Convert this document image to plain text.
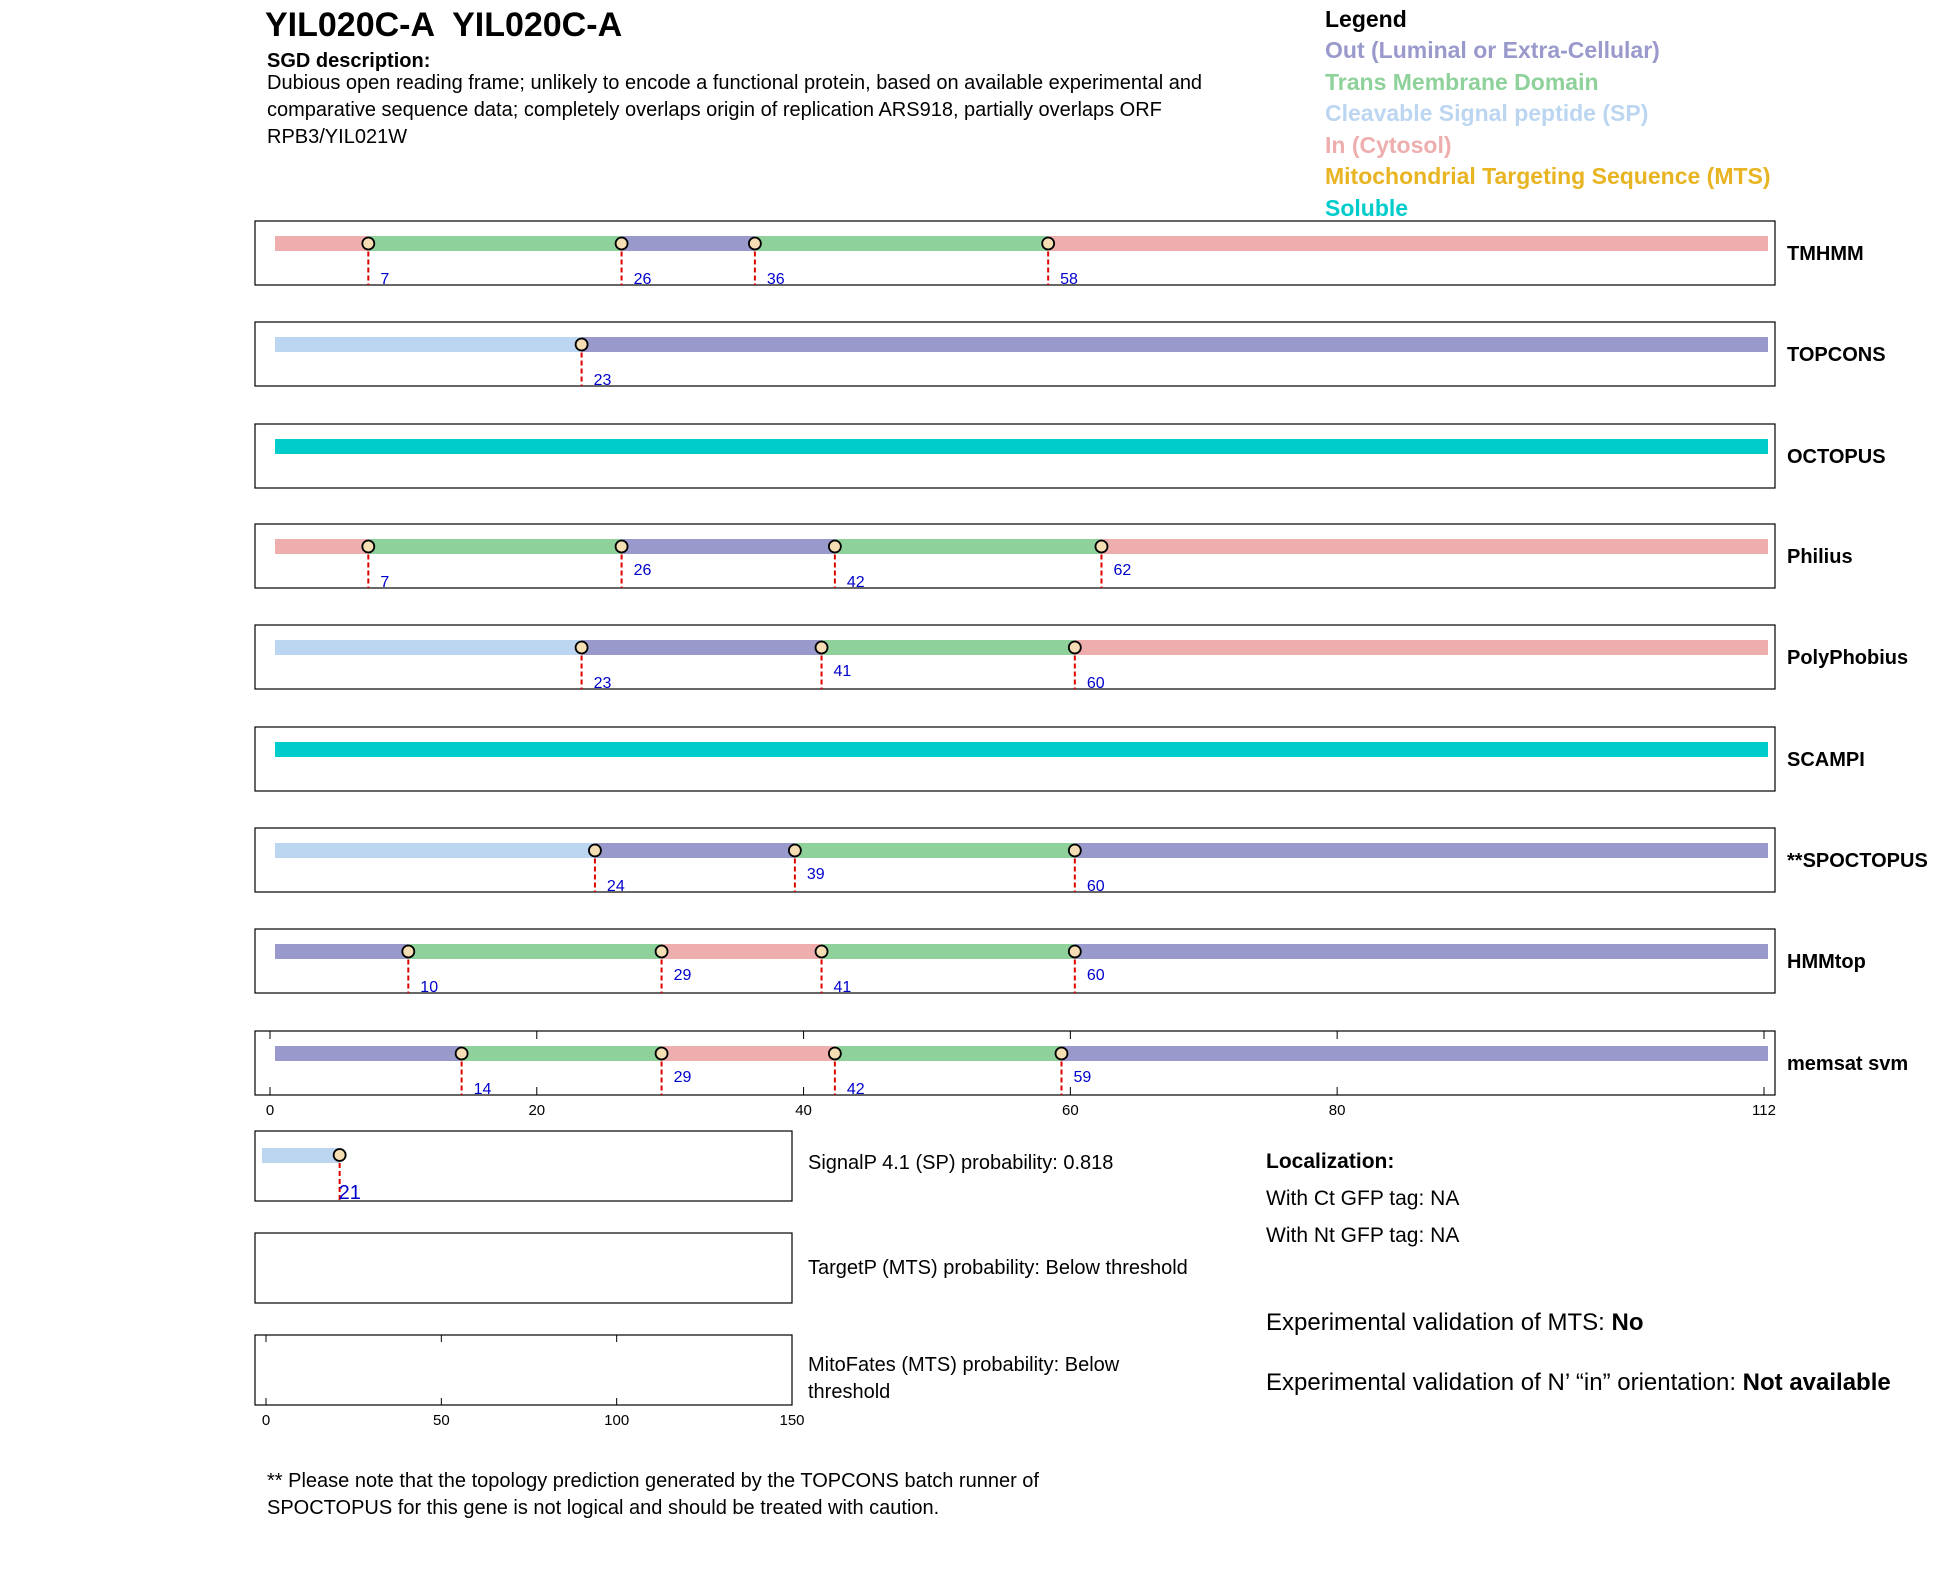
YIL020C-A  YIL020C-A
SGD description:
Dubious open reading frame; unlikely to encode a functional protein, based on available experimental and comparative sequence data; completely overlaps origin of replication ARS918, partially overlaps ORF RPB3/YIL021W
Legend
Out (Luminal or Extra-Cellular)
Trans Membrane Domain
Cleavable Signal peptide (SP)
In (Cytosol)
Mitochondrial Targeting Sequence (MTS)
Soluble
7	26	36	58
TMHMM
23
TOPCONS
OCTOPUS
7
26
42
62
Philius
23
41
60
PolyPhobius
SCAMPI
24
39
60
**SPOCTOPUS
10
29
41
60
HMMtop
14
29
42
59
memsat svm
0	20	40	60	80	112
21
0	50	100	150
SignalP 4.1 (SP) probability: 0.818
TargetP (MTS) probability: Below threshold
MitoFates (MTS) probability: Below threshold
Localization:
With Ct GFP tag: NA
With Nt GFP tag: NA
Experimental validation of MTS: No
Experimental validation of N’ “in” orientation: Not available
** Please note that the topology prediction generated by the TOPCONS batch runner of SPOCTOPUS for this gene is not logical and should be treated with caution.
